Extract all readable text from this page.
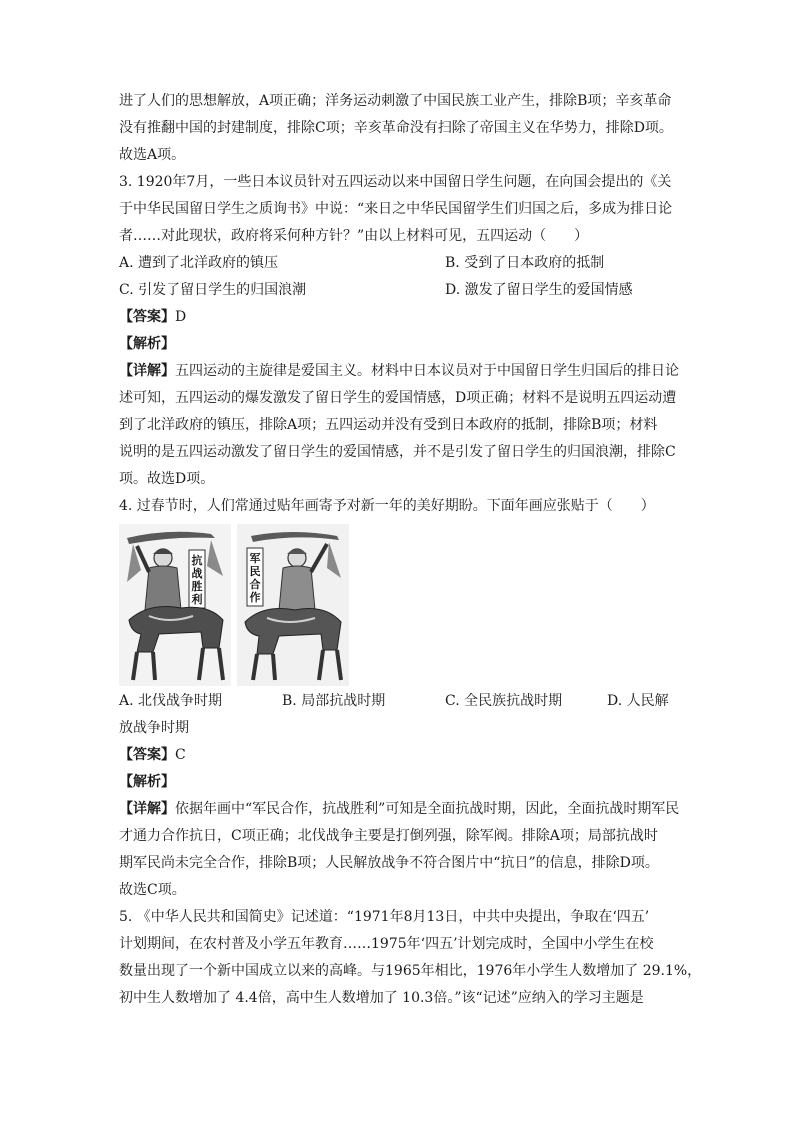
进了人们的思想解放，A项正确；洋务运动刺激了中国民族工业产生，排除B项；辛亥革命
没有推翻中国的封建制度，排除C项；辛亥革命没有扫除了帝国主义在华势力，排除D项。
故选A项。
3. 1920年7月，一些日本议员针对五四运动以来中国留日学生问题，在向国会提出的《关
于中华民国留日学生之质询书》中说：“来日之中华民国留学生们归国之后，多成为排日论
者……对此现状，政府将采何种方针？”由以上材料可见，五四运动（　　）
A. 遭到了北洋政府的镇压	B. 受到了日本政府的抵制
C. 引发了留日学生的归国浪潮	D. 激发了留日学生的爱国情感
【答案】D
【解析】
【详解】五四运动的主旋律是爱国主义。材料中日本议员对于中国留日学生归国后的排日论
述可知，五四运动的爆发激发了留日学生的爱国情感，D项正确；材料不是说明五四运动遭
到了北洋政府的镇压，排除A项；五四运动并没有受到日本政府的抵制，排除B项；材料
说明的是五四运动激发了留日学生的爱国情感，并不是引发了留日学生的归国浪潮，排除C
项。故选D项。
4. 过春节时，人们常通过贴年画寄予对新一年的美好期盼。下面年画应张贴于（　　）
抗
战
胜
利
军
民
合
作
A. 北伐战争时期	B. 局部抗战时期	C. 全民族抗战时期	D. 人民解
放战争时期
【答案】C
【解析】
【详解】依据年画中“军民合作，抗战胜利”可知是全面抗战时期，因此，全面抗战时期军民
才通力合作抗日，C项正确；北伐战争主要是打倒列强，除军阀。排除A项；局部抗战时
期军民尚未完全合作，排除B项；人民解放战争不符合图片中“抗日”的信息，排除D项。
故选C项。
5. 《中华人民共和国简史》记述道：“1971年8月13日，中共中央提出，争取在‘四五’
计划期间，在农村普及小学五年教育……1975年‘四五’计划完成时，全国中小学生在校
数量出现了一个新中国成立以来的高峰。与1965年相比，1976年小学生人数增加了 29.1%，
初中生人数增加了 4.4倍，高中生人数增加了 10.3倍。”该“记述”应纳入的学习主题是
